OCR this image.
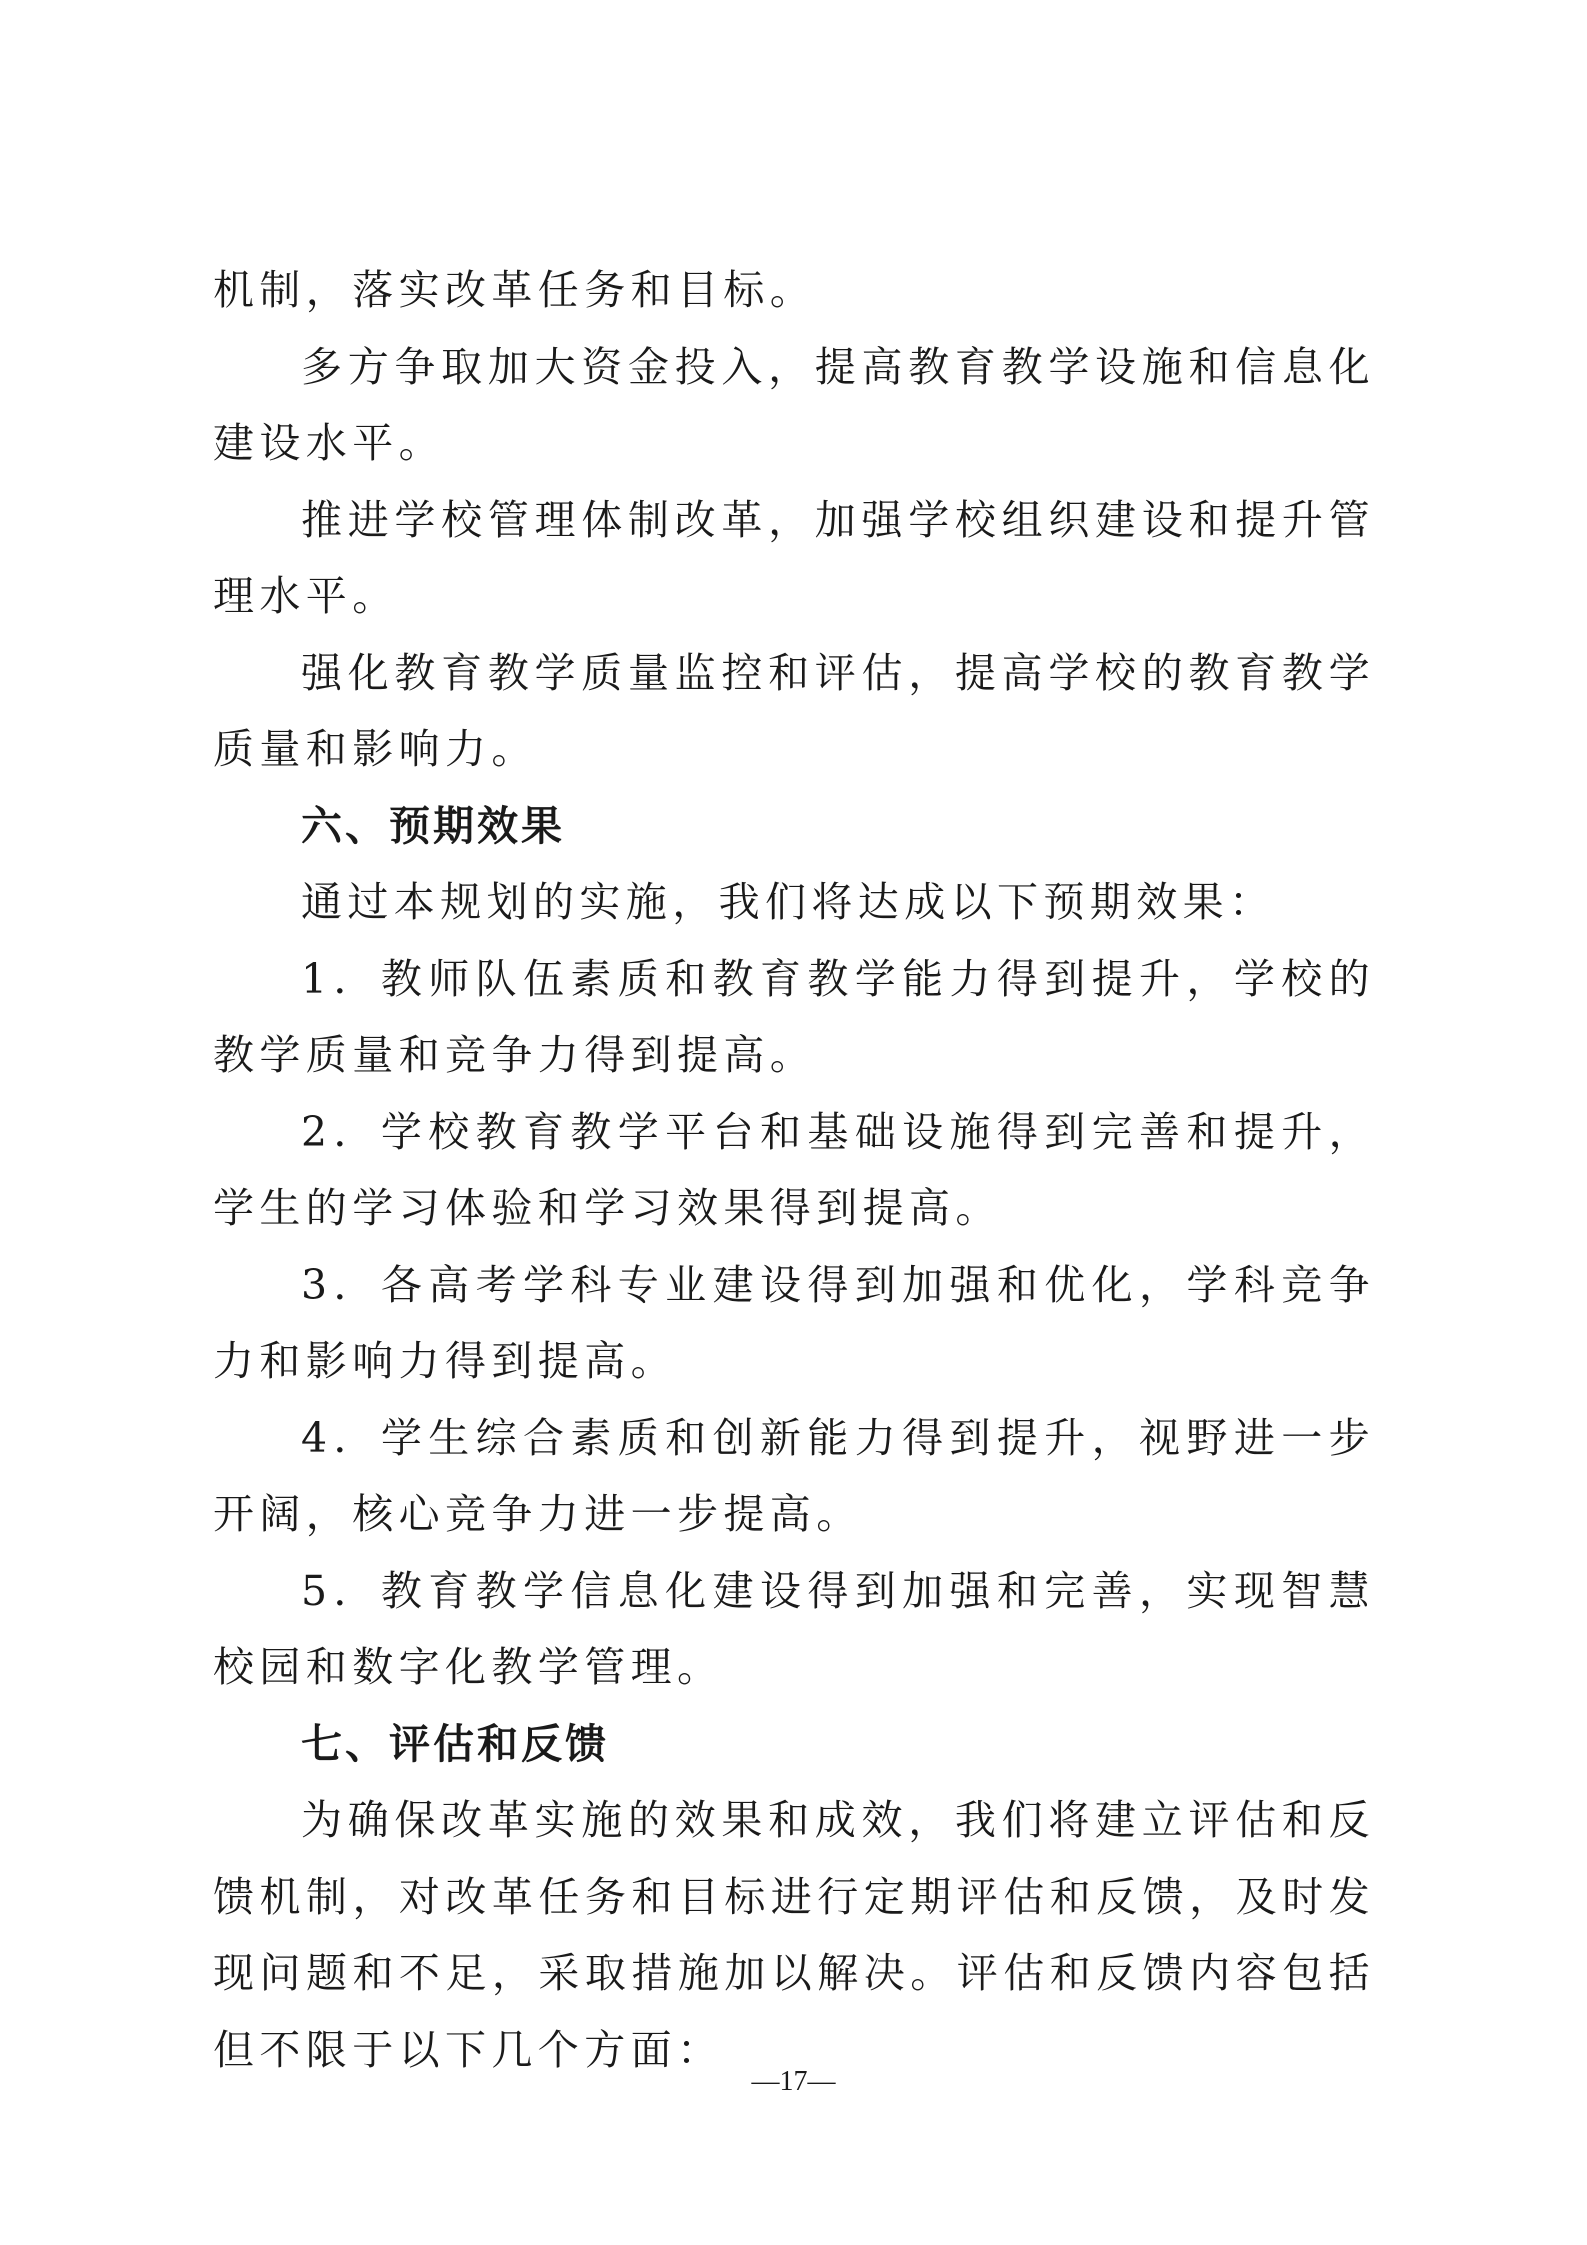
机制，落实改革任务和目标。

多方争取加大资金投入，提高教育教学设施和信息化建设水平。

推进学校管理体制改革，加强学校组织建设和提升管理水平。

强化教育教学质量监控和评估，提高学校的教育教学质量和影响力。

六、预期效果

通过本规划的实施，我们将达成以下预期效果：

1．教师队伍素质和教育教学能力得到提升，学校的教学质量和竞争力得到提高。

2．学校教育教学平台和基础设施得到完善和提升，学生的学习体验和学习效果得到提高。

3．各高考学科专业建设得到加强和优化，学科竞争力和影响力得到提高。

4．学生综合素质和创新能力得到提升，视野进一步开阔，核心竞争力进一步提高。

5．教育教学信息化建设得到加强和完善，实现智慧校园和数字化教学管理。

七、评估和反馈

为确保改革实施的效果和成效，我们将建立评估和反馈机制，对改革任务和目标进行定期评估和反馈，及时发现问题和不足，采取措施加以解决。评估和反馈内容包括但不限于以下几个方面：

—17—
